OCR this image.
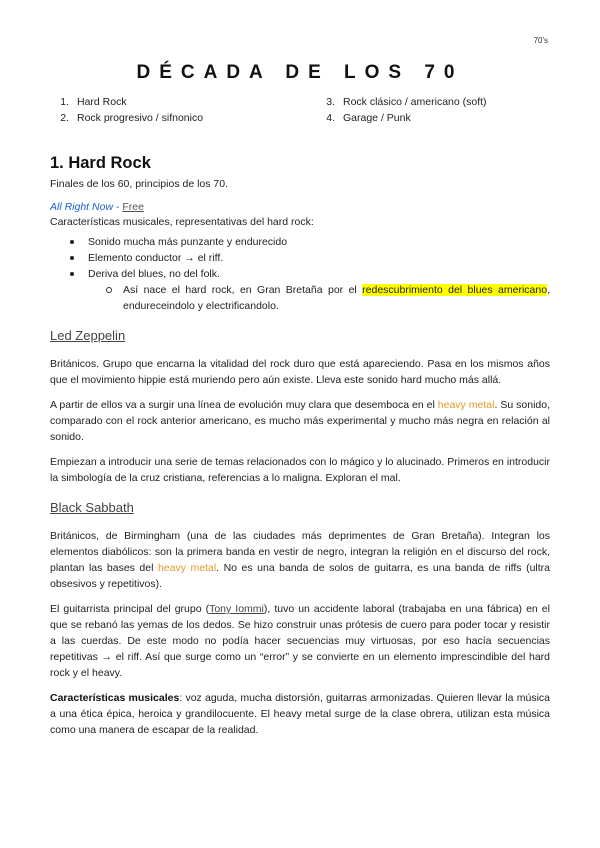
70's
DÉCADA DE LOS 70
1. Hard Rock
2. Rock progresivo / sifnonico
3. Rock clásico / americano (soft)
4. Garage / Punk
1. Hard Rock

Finales de los 60, principios de los 70.

All Right Now - Free

Características musicales, representativas del hard rock:

Sonido mucha más punzante y endurecido
Elemento conductor → el riff.
Deriva del blues, no del folk.
Así nace el hard rock, en Gran Bretaña por el redescubrimiento del blues americano, endureceindolo y electrificandolo.
Led Zeppelin

Británicos. Grupo que encarna la vitalidad del rock duro que está apareciendo. Pasa en los mismos años que el movimiento hippie está muriendo pero aún existe. Lleva este sonido hard mucho más allá.

A partir de ellos va a surgir una línea de evolución muy clara que desemboca en el heavy metal. Su sonido, comparado con el rock anterior americano, es mucho más experimental y mucho más negra en relación al sonido.

Empiezan a introducir una serie de temas relacionados con lo mágico y lo alucinado. Primeros en introducir la simbología de la cruz cristiana, referencias a lo maligna. Exploran el mal.

Black Sabbath

Británicos, de Birmingham (una de las ciudades más deprimentes de Gran Bretaña). Integran los elementos diabólicos: son la primera banda en vestir de negro, integran la religión en el discurso del rock, plantan las bases del heavy metal. No es una banda de solos de guitarra, es una banda de riffs (ultra obsesivos y repetitivos).

El guitarrista principal del grupo (Tony Iommi), tuvo un accidente laboral (trabajaba en una fábrica) en el que se rebanó las yemas de los dedos. Se hizo construir unas prótesis de cuero para poder tocar y resistir a las cuerdas. De este modo no podía hacer secuencias muy virtuosas, por eso hacía secuencias repetitivas → el riff. Así que surge como un “error” y se convierte en un elemento imprescindible del hard rock y el heavy.

Características musicales: voz aguda, mucha distorsión, guitarras armonizadas. Quieren llevar la música a una ética épica, heroica y grandilocuente. El heavy metal surge de la clase obrera, utilizan esta música como una manera de escapar de la realidad.
